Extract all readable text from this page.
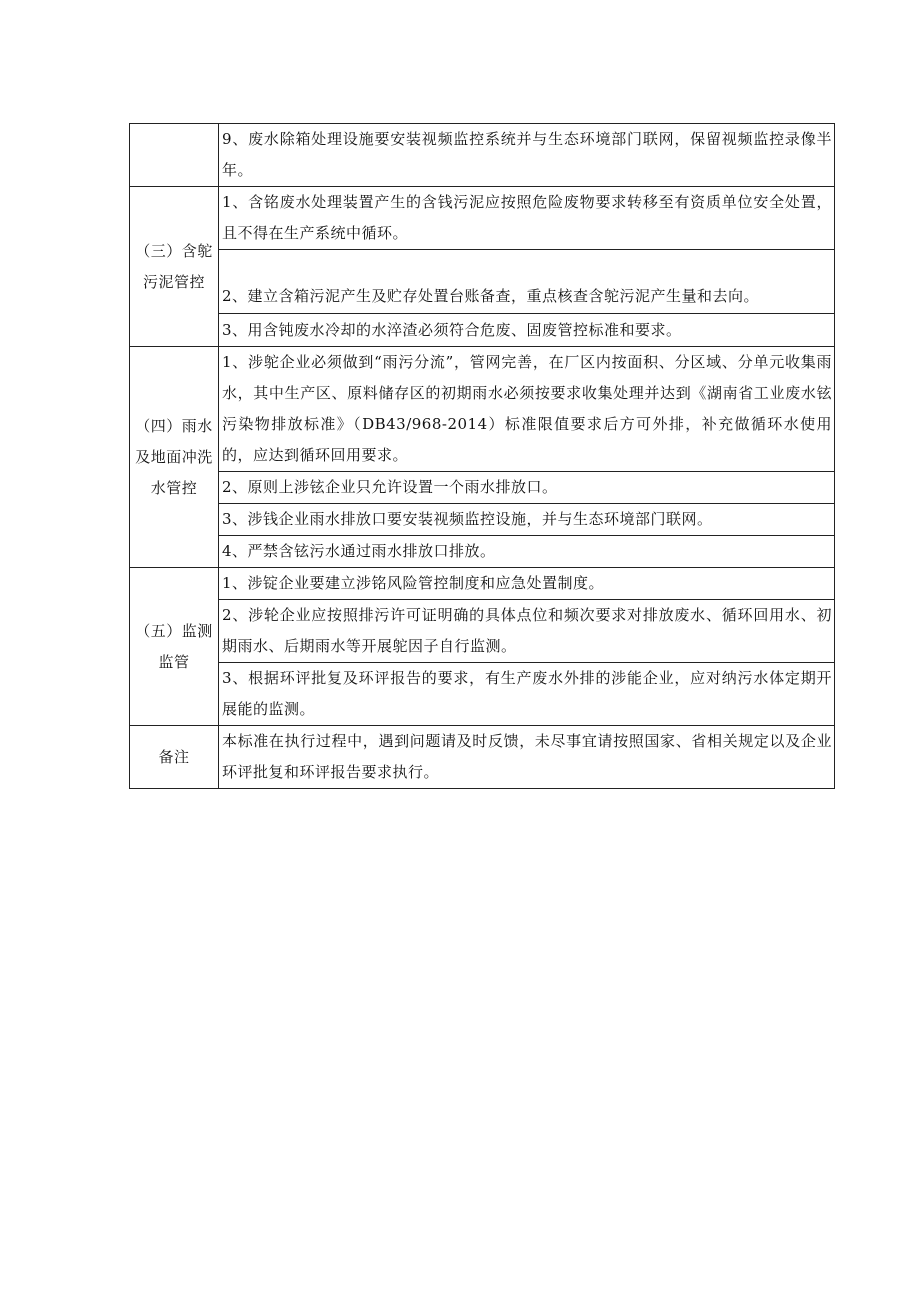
	9、废水除箱处理设施要安装视频监控系统并与生态环境部门联网，保留视频监控录像半年。

（三）含鸵污泥管控	1、含铭废水处理装置产生的含钱污泥应按照危险废物要求转移至有资质单位安全处置，且不得在生产系统中循环。
	2、建立含箱污泥产生及贮存处置台账备查，重点核查含鸵污泥产生量和去向。
	3、用含钝废水冷却的水淬渣必须符合危废、固废管控标准和要求。

（四）雨水及地面冲洗水管控	1、涉鸵企业必须做到“雨污分流”，管网完善，在厂区内按面积、分区域、分单元收集雨水，其中生产区、原料储存区的初期雨水必须按要求收集处理并达到《湖南省工业废水铉污染物排放标准》（DB43/968-2014）标准限值要求后方可外排，补充做循环水使用的，应达到循环回用要求。
	2、原则上涉铉企业只允许设置一个雨水排放口。
	3、涉钱企业雨水排放口要安装视频监控设施，并与生态环境部门联网。
	4、严禁含铉污水通过雨水排放口排放。

（五）监测监管	1、涉锭企业要建立涉铭风险管控制度和应急处置制度。
	2、涉轮企业应按照排污许可证明确的具体点位和频次要求对排放废水、循环回用水、初期雨水、后期雨水等开展鸵因子自行监测。
	3、根据环评批复及环评报告的要求，有生产废水外排的涉能企业，应对纳污水体定期开展能的监测。

备注	本标准在执行过程中，遇到问题请及时反馈，未尽事宜请按照国家、省相关规定以及企业环评批复和环评报告要求执行。
